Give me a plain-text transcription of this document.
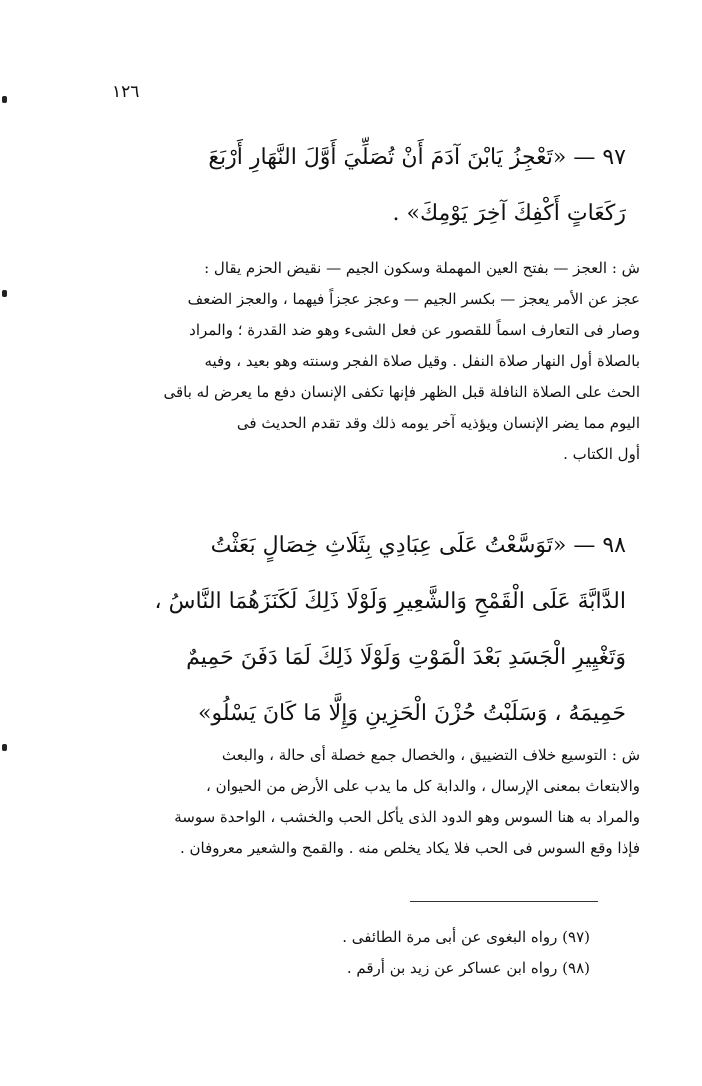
١٢٦
٩٧ — «تَعْجِزُ يَابْنَ آدَمَ أَنْ تُصَلِّيَ أَوَّلَ النَّهَارِ أَرْبَعَ
رَكَعَاتٍ أَكْفِكَ آخِرَ يَوْمِكَ» .
ش : العجز — بفتح العين المهملة وسكون الجيم — نقيض الحزم يقال :
عجز عن الأمر يعجز — بكسر الجيم — وعجز عجزاً فيهما ، والعجز الضعف
وصار فى التعارف اسماً للقصور عن فعل الشىء وهو ضد القدرة ؛ والمراد
بالصلاة أول النهار صلاة النفل . وقيل صلاة الفجر وسنته وهو بعيد ، وفيه
الحث على الصلاة النافلة قبل الظهر فإنها تكفى الإنسان دفع ما يعرض له باقى
اليوم مما يضر الإنسان ويؤذيه آخر يومه ذلك وقد تقدم الحديث فى
أول الكتاب .
٩٨ — «تَوَسَّعْتُ عَلَى عِبَادِي بِثَلَاثِ خِصَالٍ بَعَثْتُ
الدَّابَّةَ عَلَى الْقَمْحِ وَالشَّعِيرِ وَلَوْلَا ذَلِكَ لَكَنَزَهُمَا النَّاسُ ،
وَتَغْيِيرِ الْجَسَدِ بَعْدَ الْمَوْتِ وَلَوْلَا ذَلِكَ لَمَا دَفَنَ حَمِيمٌ
حَمِيمَهُ ، وَسَلَبْتُ حُزْنَ الْحَزِينِ وَإِلَّا مَا كَانَ يَسْلُو»
ش : التوسيع خلاف التضييق ، والخصال جمع خصلة أى حالة ، والبعث
والابتعاث بمعنى الإرسال ، والدابة كل ما يدب على الأرض من الحيوان ،
والمراد به هنا السوس وهو الدود الذى يأكل الحب والخشب ، الواحدة سوسة
فإذا وقع السوس فى الحب فلا يكاد يخلص منه . والقمح والشعير معروفان .
(٩٧) رواه البغوى عن أبى مرة الطائفى .
(٩٨) رواه ابن عساكر عن زيد بن أرقم .
